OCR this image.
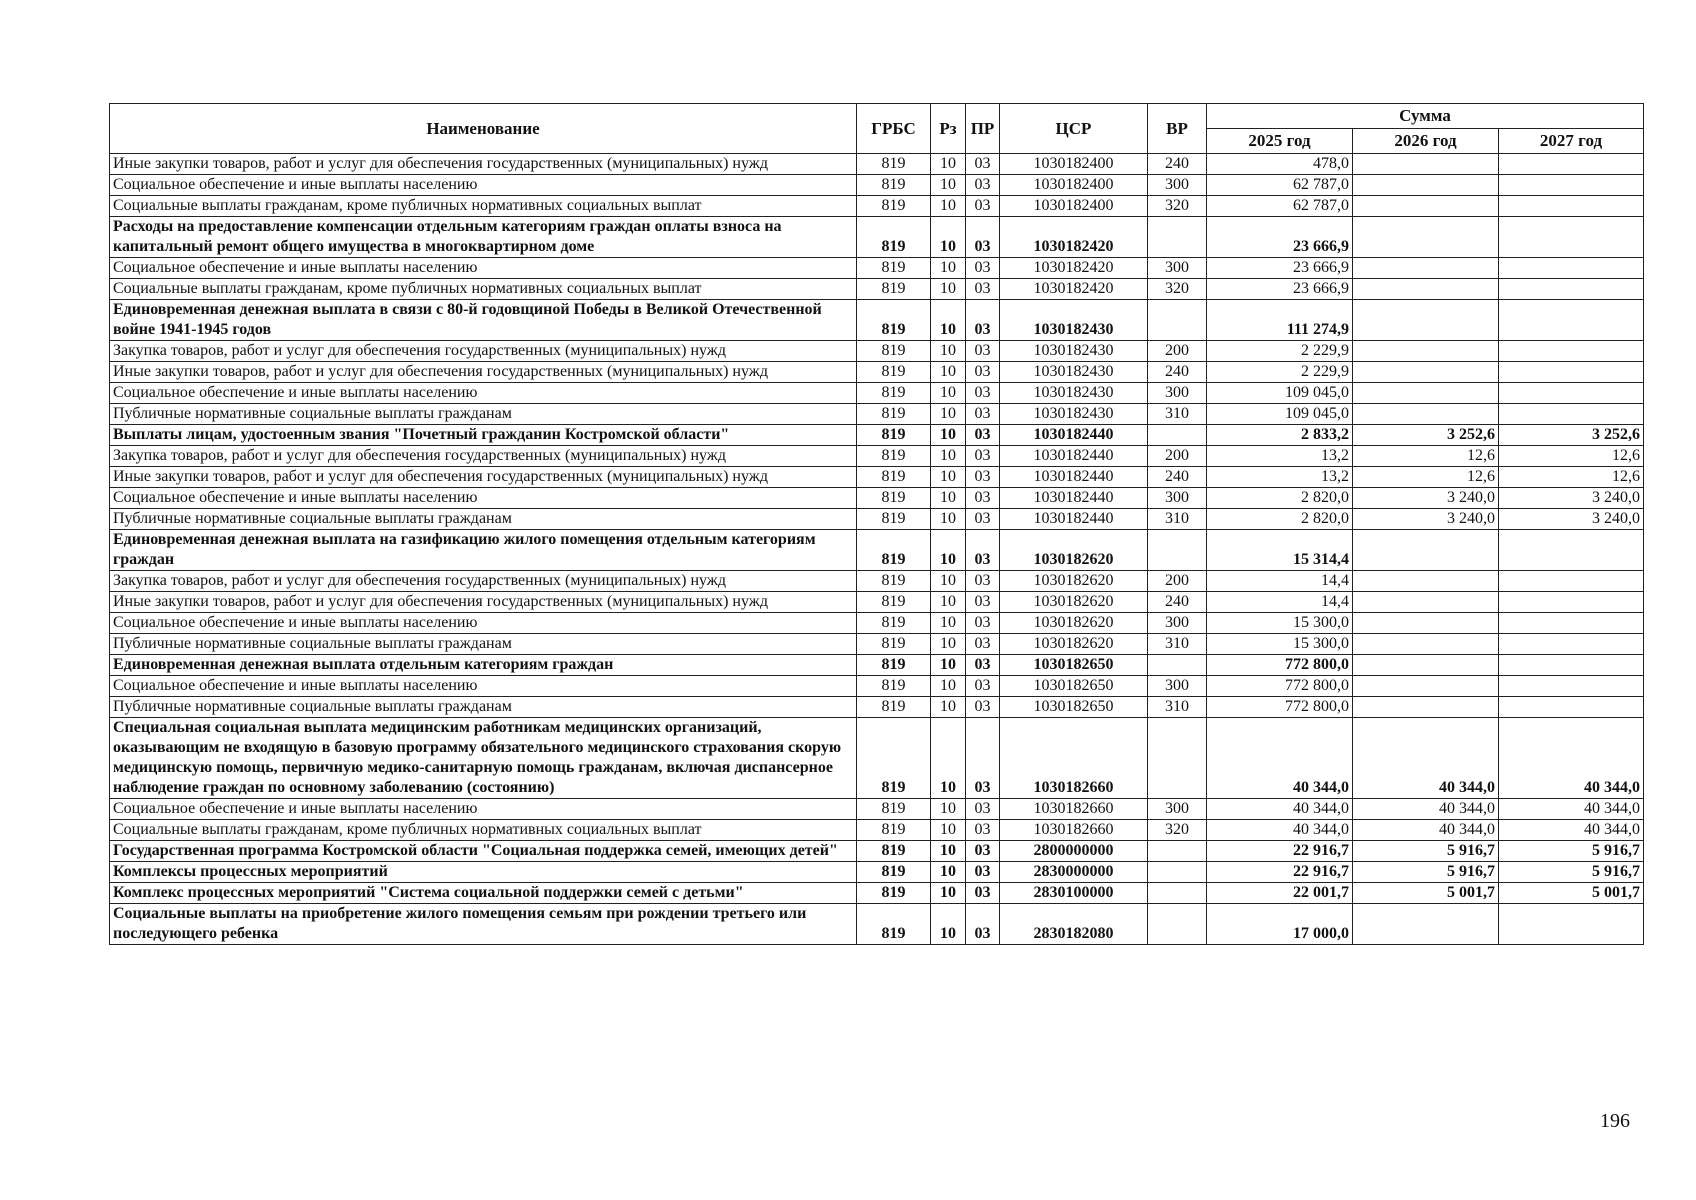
Наименование	ГРБС	Рз	ПР	ЦСР	ВР	Сумма		
						2025 год	2026 год	2027 год
Иные закупки товаров, работ и услуг для обеспечения государственных (муниципальных) нужд	819	10	03	1030182400	240	478,0		
Социальное обеспечение и иные выплаты населению	819	10	03	1030182400	300	62 787,0		
Социальные выплаты гражданам, кроме публичных нормативных социальных выплат	819	10	03	1030182400	320	62 787,0		
Расходы на предоставление компенсации отдельным категориям граждан оплаты взноса на капитальный ремонт общего имущества в многоквартирном доме	819	10	03	1030182420		23 666,9		
Социальное обеспечение и иные выплаты населению	819	10	03	1030182420	300	23 666,9		
Социальные выплаты гражданам, кроме публичных нормативных социальных выплат	819	10	03	1030182420	320	23 666,9		
Единовременная денежная выплата в связи с 80-й годовщиной Победы в Великой Отечественной войне 1941-1945 годов	819	10	03	1030182430		111 274,9		
Закупка товаров, работ и услуг для обеспечения государственных (муниципальных) нужд	819	10	03	1030182430	200	2 229,9		
Иные закупки товаров, работ и услуг для обеспечения государственных (муниципальных) нужд	819	10	03	1030182430	240	2 229,9		
Социальное обеспечение и иные выплаты населению	819	10	03	1030182430	300	109 045,0		
Публичные нормативные социальные выплаты гражданам	819	10	03	1030182430	310	109 045,0		
Выплаты лицам, удостоенным звания "Почетный гражданин Костромской области"	819	10	03	1030182440		2 833,2	3 252,6	3 252,6
Закупка товаров, работ и услуг для обеспечения государственных (муниципальных) нужд	819	10	03	1030182440	200	13,2	12,6	12,6
Иные закупки товаров, работ и услуг для обеспечения государственных (муниципальных) нужд	819	10	03	1030182440	240	13,2	12,6	12,6
Социальное обеспечение и иные выплаты населению	819	10	03	1030182440	300	2 820,0	3 240,0	3 240,0
Публичные нормативные социальные выплаты гражданам	819	10	03	1030182440	310	2 820,0	3 240,0	3 240,0
Единовременная денежная выплата на газификацию жилого помещения отдельным категориям граждан	819	10	03	1030182620		15 314,4		
Закупка товаров, работ и услуг для обеспечения государственных (муниципальных) нужд	819	10	03	1030182620	200	14,4		
Иные закупки товаров, работ и услуг для обеспечения государственных (муниципальных) нужд	819	10	03	1030182620	240	14,4		
Социальное обеспечение и иные выплаты населению	819	10	03	1030182620	300	15 300,0		
Публичные нормативные социальные выплаты гражданам	819	10	03	1030182620	310	15 300,0		
Единовременная денежная выплата отдельным категориям граждан	819	10	03	1030182650		772 800,0		
Социальное обеспечение и иные выплаты населению	819	10	03	1030182650	300	772 800,0		
Публичные нормативные социальные выплаты гражданам	819	10	03	1030182650	310	772 800,0		
Специальная социальная выплата медицинским работникам медицинских организаций, оказывающим не входящую в базовую программу обязательного медицинского страхования скорую медицинскую помощь, первичную медико-санитарную помощь гражданам, включая диспансерное наблюдение граждан по основному заболеванию (состоянию)	819	10	03	1030182660		40 344,0	40 344,0	40 344,0
Социальное обеспечение и иные выплаты населению	819	10	03	1030182660	300	40 344,0	40 344,0	40 344,0
Социальные выплаты гражданам, кроме публичных нормативных социальных выплат	819	10	03	1030182660	320	40 344,0	40 344,0	40 344,0
Государственная программа Костромской области "Социальная поддержка семей, имеющих детей"	819	10	03	2800000000		22 916,7	5 916,7	5 916,7
Комплексы процессных мероприятий	819	10	03	2830000000		22 916,7	5 916,7	5 916,7
Комплекс процессных мероприятий "Система социальной поддержки семей с детьми"	819	10	03	2830100000		22 001,7	5 001,7	5 001,7
Социальные выплаты на приобретение жилого помещения семьям при рождении третьего или последующего ребенка	819	10	03	2830182080		17 000,0		
196
